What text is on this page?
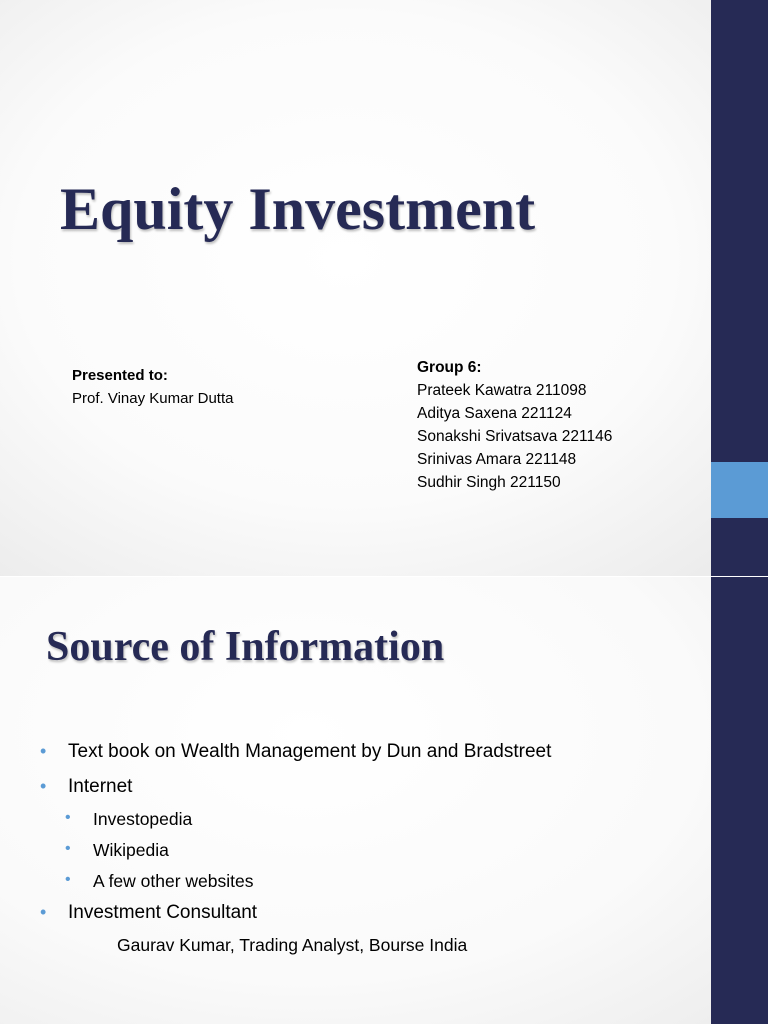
Equity Investment
Presented to:
Prof. Vinay Kumar Dutta
Group 6:
Prateek Kawatra 211098
Aditya Saxena 221124
Sonakshi Srivatsava 221146
Srinivas Amara 221148
Sudhir Singh 221150
Source of Information
• Text book on Wealth Management by Dun and Bradstreet
• Internet
• Investopedia
• Wikipedia
• A few other websites
• Investment Consultant
Gaurav Kumar, Trading Analyst, Bourse India
